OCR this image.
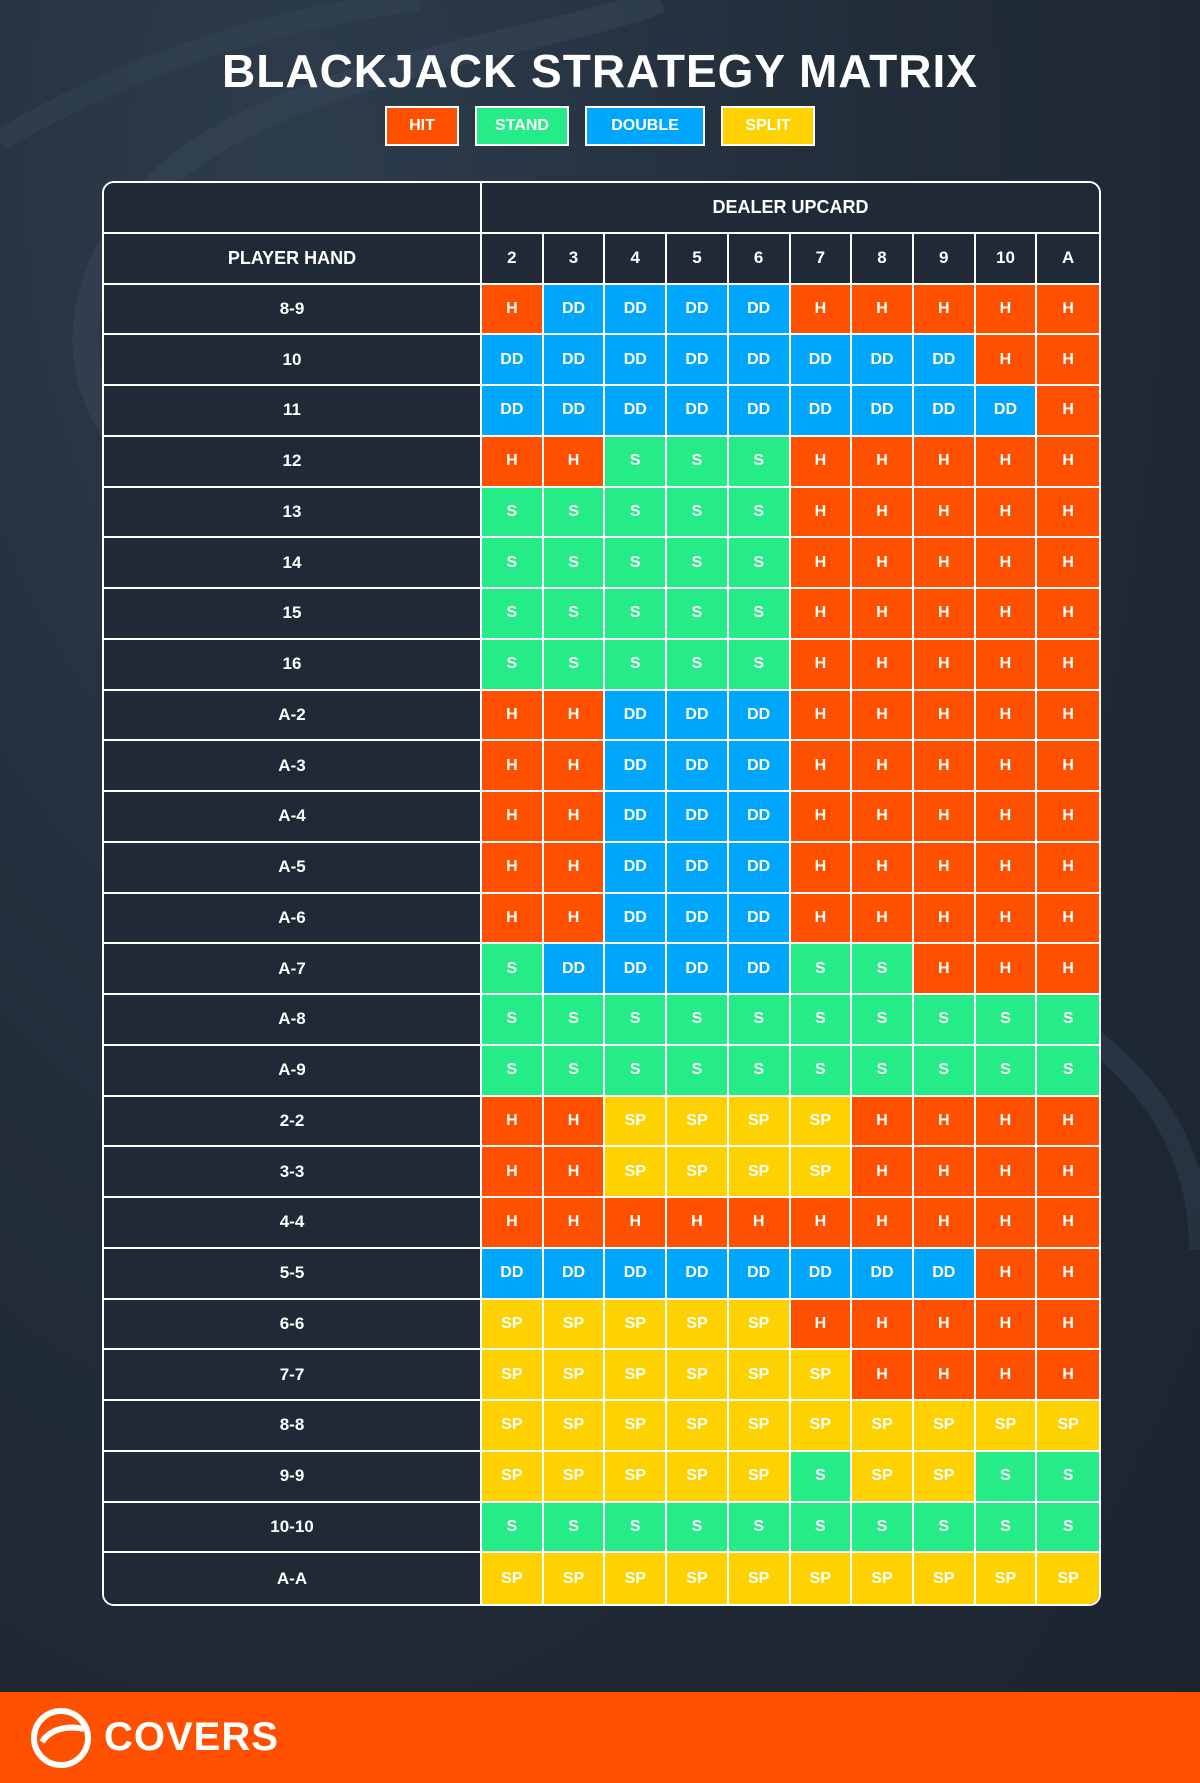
BLACKJACK STRATEGY MATRIX
HIT	STAND	DOUBLE	SPLIT
DEALER UPCARD
PLAYER HAND	2	3	4	5	6	7	8	9	10	A
8-9	H	DD	DD	DD	DD	H	H	H	H	H
10	DD	DD	DD	DD	DD	DD	DD	DD	H	H
11	DD	DD	DD	DD	DD	DD	DD	DD	DD	H
12	H	H	S	S	S	H	H	H	H	H
13	S	S	S	S	S	H	H	H	H	H
14	S	S	S	S	S	H	H	H	H	H
15	S	S	S	S	S	H	H	H	H	H
16	S	S	S	S	S	H	H	H	H	H
A-2	H	H	DD	DD	DD	H	H	H	H	H
A-3	H	H	DD	DD	DD	H	H	H	H	H
A-4	H	H	DD	DD	DD	H	H	H	H	H
A-5	H	H	DD	DD	DD	H	H	H	H	H
A-6	H	H	DD	DD	DD	H	H	H	H	H
A-7	S	DD	DD	DD	DD	S	S	H	H	H
A-8	S	S	S	S	S	S	S	S	S	S
A-9	S	S	S	S	S	S	S	S	S	S
2-2	H	H	SP	SP	SP	SP	H	H	H	H
3-3	H	H	SP	SP	SP	SP	H	H	H	H
4-4	H	H	H	H	H	H	H	H	H	H
5-5	DD	DD	DD	DD	DD	DD	DD	DD	H	H
6-6	SP	SP	SP	SP	SP	H	H	H	H	H
7-7	SP	SP	SP	SP	SP	SP	H	H	H	H
8-8	SP	SP	SP	SP	SP	SP	SP	SP	SP	SP
9-9	SP	SP	SP	SP	SP	S	SP	SP	S	S
10-10	S	S	S	S	S	S	S	S	S	S
A-A	SP	SP	SP	SP	SP	SP	SP	SP	SP	SP
COVERS
